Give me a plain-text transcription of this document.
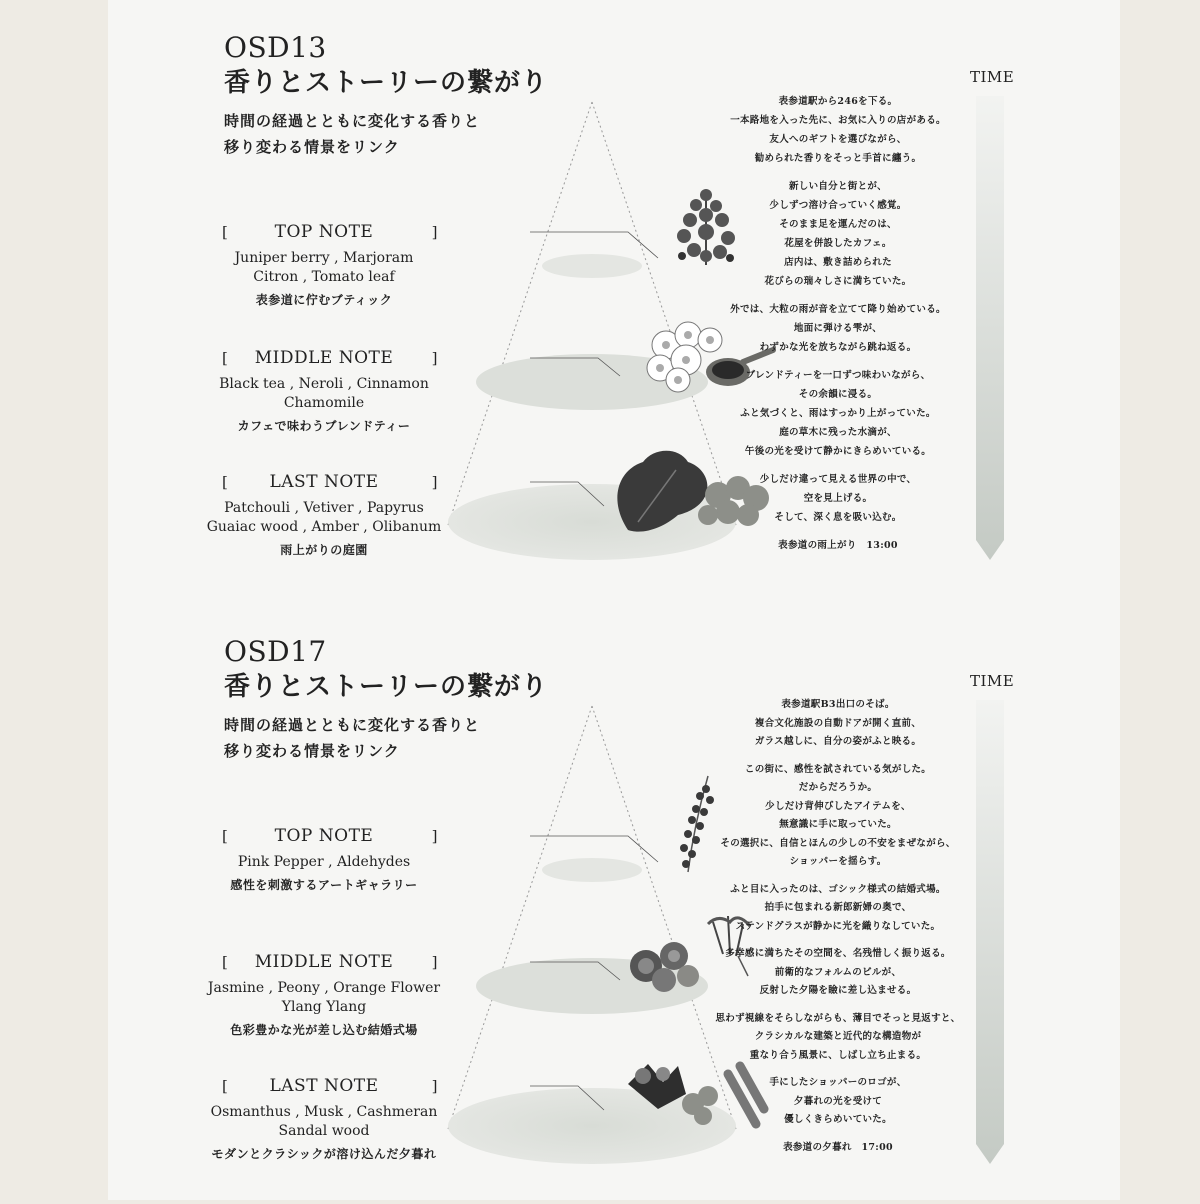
OSD13
香りとストーリーの繋がり
時間の経過とともに変化する香りと
移り変わる情景をリンク
[	TOP NOTE	]
Juniper berry , Marjoram
Citron , Tomato leaf
表参道に佇むブティック
[ MIDDLE NOTE	]
Black tea , Neroli , Cinnamon
Chamomile
カフェで味わうブレンドティー
[ LAST NOTE	]
Patchouli , Vetiver , Papyrus
Guaiac wood , Amber , Olibanum
雨上がりの庭園
表参道駅から246を下る。
一本路地を入った先に、お気に入りの店がある。
友人へのギフトを選びながら、
勧められた香りをそっと手首に纏う。
新しい自分と街とが、
少しずつ溶け合っていく感覚。
そのまま足を運んだのは、
花屋を併設したカフェ。
店内は、敷き詰められた
花びらの瑞々しさに満ちていた。
外では、大粒の雨が音を立てて降り始めている。
地面に弾ける雫が、
わずかな光を放ちながら跳ね返る。
ブレンドティーを一口ずつ味わいながら、
その余韻に浸る。
ふと気づくと、雨はすっかり上がっていた。
庭の草木に残った水滴が、
午後の光を受けて静かにきらめいている。
少しだけ違って見える世界の中で、
空を見上げる。
そして、深く息を吸い込む。
表参道の雨上がり　13:00
TIME
OSD17
香りとストーリーの繋がり
時間の経過とともに変化する香りと
移り変わる情景をリンク
[	TOP NOTE	]
Pink Pepper , Aldehydes
感性を刺激するアートギャラリー
[ MIDDLE NOTE	]
Jasmine , Peony , Orange Flower
Ylang Ylang
色彩豊かな光が差し込む結婚式場
[ LAST NOTE	]
Osmanthus , Musk , Cashmeran
Sandal wood
モダンとクラシックが溶け込んだ夕暮れ
表参道駅B3出口のそば。
複合文化施設の自動ドアが開く直前、
ガラス越しに、自分の姿がふと映る。
この街に、感性を試されている気がした。
だからだろうか。
少しだけ背伸びしたアイテムを、
無意識に手に取っていた。
その選択に、自信とほんの少しの不安をまぜながら、
ショッパーを揺らす。
ふと目に入ったのは、ゴシック様式の結婚式場。
拍手に包まれる新郎新婦の奥で、
ステンドグラスが静かに光を織りなしていた。
多幸感に満ちたその空間を、名残惜しく振り返る。
前衛的なフォルムのビルが、
反射した夕陽を瞼に差し込ませる。
思わず視線をそらしながらも、薄目でそっと見返すと、
クラシカルな建築と近代的な構造物が
重なり合う風景に、しばし立ち止まる。
手にしたショッパーのロゴが、
夕暮れの光を受けて
優しくきらめいていた。
表参道の夕暮れ　17:00
TIME
